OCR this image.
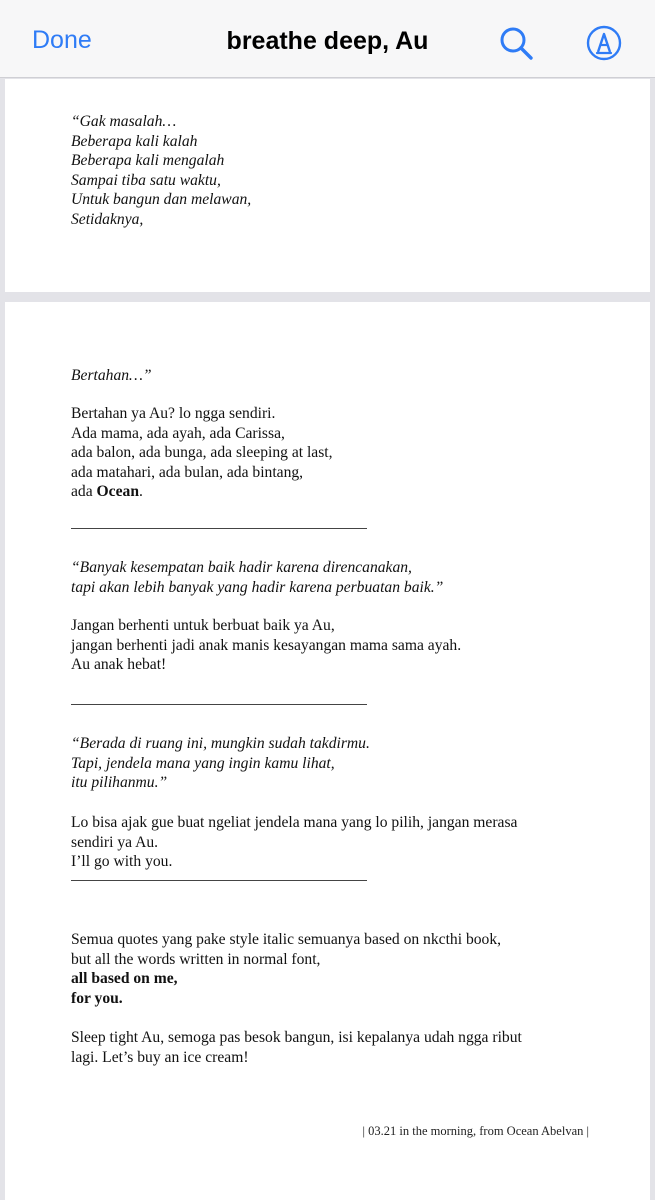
Done	breathe deep, Au
“Gak masalah…
Beberapa kali kalah
Beberapa kali mengalah
Sampai tiba satu waktu,
Untuk bangun dan melawan,
Setidaknya,
Bertahan…”
Bertahan ya Au? lo ngga sendiri.
Ada mama, ada ayah, ada Carissa,
ada balon, ada bunga, ada sleeping at last,
ada matahari, ada bulan, ada bintang,
ada Ocean.
“Banyak kesempatan baik hadir karena direncanakan,
tapi akan lebih banyak yang hadir karena perbuatan baik.”
Jangan berhenti untuk berbuat baik ya Au,
jangan berhenti jadi anak manis kesayangan mama sama ayah.
Au anak hebat!
“Berada di ruang ini, mungkin sudah takdirmu.
Tapi, jendela mana yang ingin kamu lihat,
itu pilihanmu.”
Lo bisa ajak gue buat ngeliat jendela mana yang lo pilih, jangan merasa
sendiri ya Au.
I’ll go with you.
Semua quotes yang pake style italic semuanya based on nkcthi book,
but all the words written in normal font,
all based on me,
for you.
Sleep tight Au, semoga pas besok bangun, isi kepalanya udah ngga ribut
lagi. Let’s buy an ice cream!
| 03.21 in the morning, from Ocean Abelvan |
